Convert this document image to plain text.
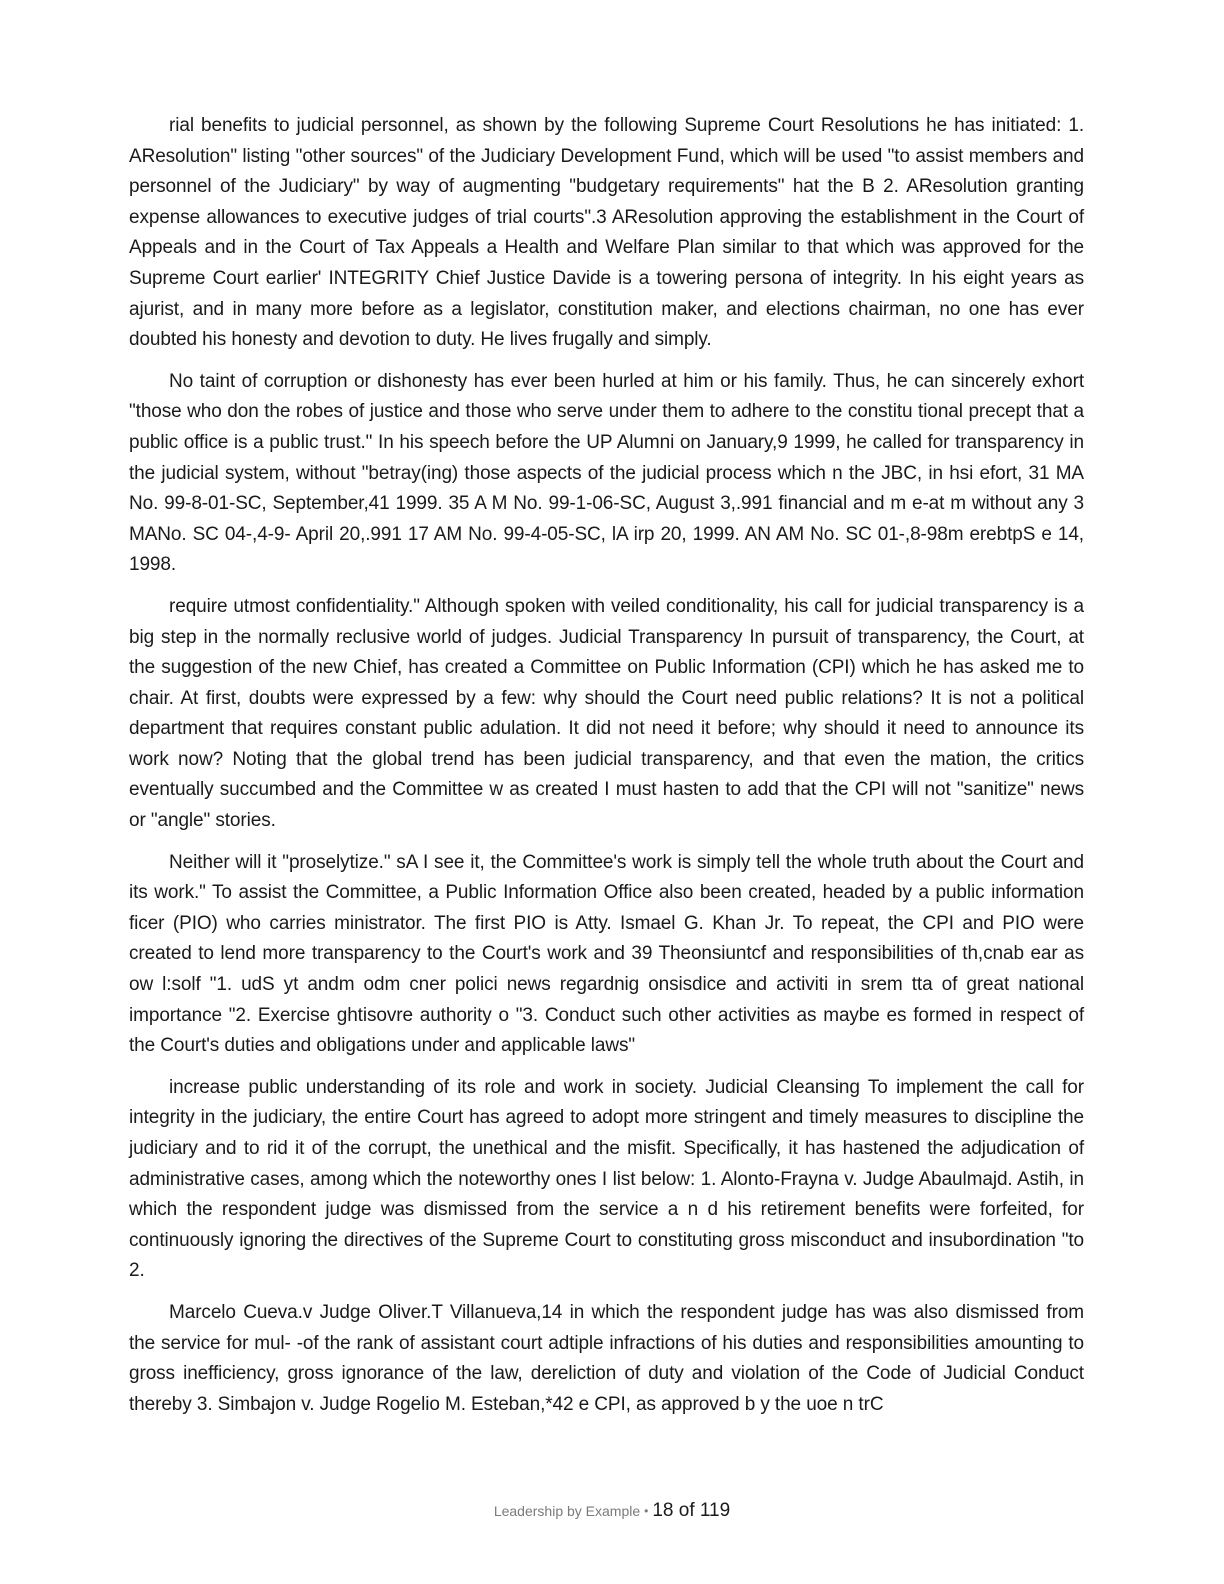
rial benefits to judicial personnel, as shown by the following Supreme Court Resolutions he has initiated: 1. AResolution" listing "other sources" of the Judiciary Development Fund, which will be used "to assist members and personnel of the Judiciary" by way of augmenting "budgetary requirements" hat the B 2. AResolution granting expense allowances to executive judges of trial courts".3 AResolution approving the establishment in the Court of Appeals and in the Court of Tax Appeals a Health and Welfare Plan similar to that which was approved for the Supreme Court earlier' INTEGRITY Chief Justice Davide is a towering persona of integrity. In his eight years as ajurist, and in many more before as a legislator, constitution maker, and elections chairman, no one has ever doubted his honesty and devotion to duty. He lives frugally and simply.

No taint of corruption or dishonesty has ever been hurled at him or his family. Thus, he can sincerely exhort "those who don the robes of justice and those who serve under them to adhere to the constitu tional precept that a public office is a public trust." In his speech before the UP Alumni on January,9 1999, he called for transparency in the judicial system, without "betray(ing) those aspects of the judicial process which n the JBC, in hsi efort, 31 MA No. 99-8-01-SC, September,41 1999. 35 A M No. 99-1-06-SC, August 3,.991 financial and m e-at m without any 3 MANo. SC 04-,4-9- April 20,.991 17 AM No. 99-4-05-SC, lA irp 20, 1999. AN AM No. SC 01-,8-98m erebtpS e 14, 1998.

require utmost confidentiality." Although spoken with veiled conditionality, his call for judicial transparency is a big step in the normally reclusive world of judges. Judicial Transparency In pursuit of transparency, the Court, at the suggestion of the new Chief, has created a Committee on Public Information (CPI) which he has asked me to chair. At first, doubts were expressed by a few: why should the Court need public relations? It is not a political department that requires constant public adulation. It did not need it before; why should it need to announce its work now? Noting that the global trend has been judicial transparency, and that even the mation, the critics eventually succumbed and the Committee w as created I must hasten to add that the CPI will not "sanitize" news or "angle" stories.

Neither will it "proselytize." sA I see it, the Committee's work is simply tell the whole truth about the Court and its work." To assist the Committee, a Public Information Office also been created, headed by a public information ficer (PIO) who carries ministrator. The first PIO is Atty. Ismael G. Khan Jr. To repeat, the CPI and PIO were created to lend more transparency to the Court's work and 39 Theonsiuntcf and responsibilities of th,cnab ear as ow l:solf "1. udS yt andm odm cner polici news regardnig onsisdice and activiti in srem tta of great national importance "2. Exercise ghtisovre authority o "3. Conduct such other activities as maybe es formed in respect of the Court's duties and obligations under and applicable laws"

increase public understanding of its role and work in society. Judicial Cleansing To implement the call for integrity in the judiciary, the entire Court has agreed to adopt more stringent and timely measures to discipline the judiciary and to rid it of the corrupt, the unethical and the misfit. Specifically, it has hastened the adjudication of administrative cases, among which the noteworthy ones I list below: 1. Alonto-Frayna v. Judge Abaulmajd. Astih, in which the respondent judge was dismissed from the service a n d his retirement benefits were forfeited, for continuously ignoring the directives of the Supreme Court to constituting gross misconduct and insubordination "to 2.

Marcelo Cueva.v Judge Oliver.T Villanueva,14 in which the respondent judge has was also dismissed from the service for mul- -of the rank of assistant court adtiple infractions of his duties and responsibilities amounting to gross inefficiency, gross ignorance of the law, dereliction of duty and violation of the Code of Judicial Conduct thereby 3. Simbajon v. Judge Rogelio M. Esteban,*42 e CPI, as approved b y the uoe n trC

Leadership by Example • 18 of 119
